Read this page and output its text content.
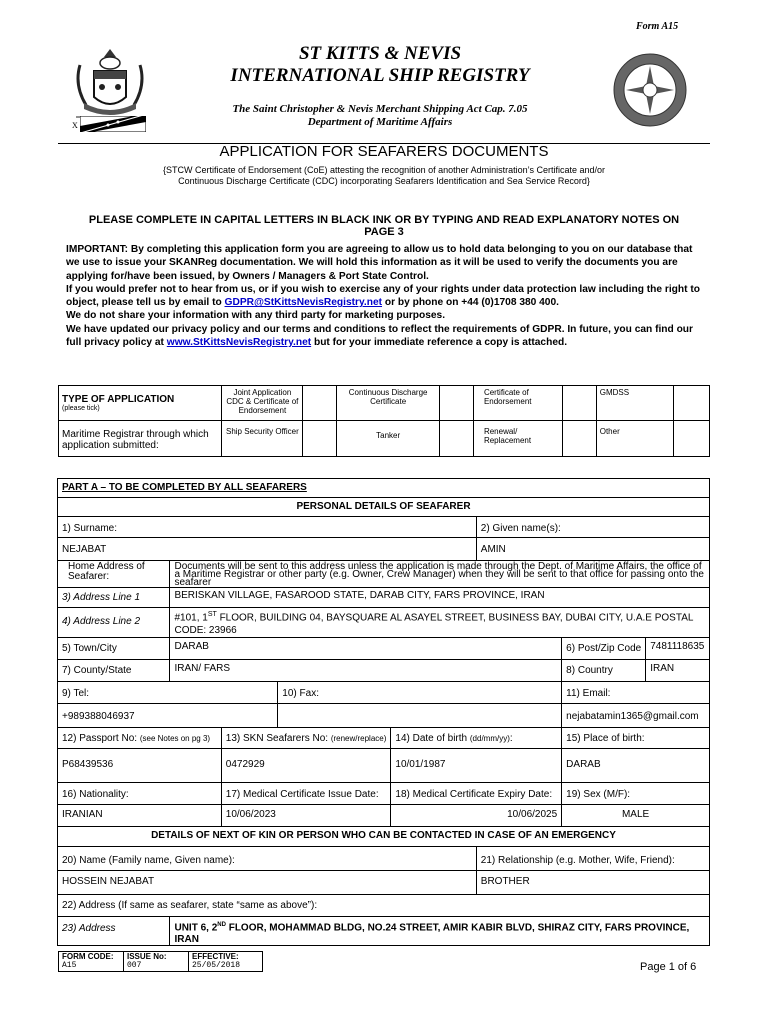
Form A15
X
ST KITTS & NEVIS
INTERNATIONAL SHIP REGISTRY
The Saint Christopher & Nevis Merchant Shipping Act Cap. 7.05
Department of Maritime Affairs
APPLICATION FOR SEAFARERS DOCUMENTS
{STCW Certificate of Endorsement (CoE) attesting the recognition of another Administration’s Certificate and/or
Continuous Discharge Certificate (CDC) incorporating Seafarers Identification and Sea Service Record}
PLEASE COMPLETE IN CAPITAL LETTERS IN BLACK INK OR BY TYPING AND READ EXPLANATORY NOTES ON
PAGE 3
IMPORTANT: By completing this application form you are agreeing to allow us to hold data belonging to you on our database that we use to issue your SKANReg documentation. We will hold this information as it will be used to verify the documents you are applying for/have been issued, by Owners / Managers & Port State Control.
If you would prefer not to hear from us, or if you wish to exercise any of your rights under data protection law including the right to object, please tell us by email to GDPR@StKittsNevisRegistry.net or by phone on +44 (0)1708 380 400.
We do not share your information with any third party for marketing purposes.
We have updated our privacy policy and our terms and conditions to reflect the requirements of GDPR. In future, you can find our full privacy policy at www.StKittsNevisRegistry.net but for your immediate reference a copy is attached.
TYPE OF APPLICATION
(please tick)	Joint Application CDC & Certificate of Endorsement		Continuous Discharge Certificate		Certificate of Endorsement		GMDSS	
Maritime Registrar through which application submitted:	Ship Security Officer		Tanker		Renewal/ Replacement		Other	
PART A – TO BE COMPLETED BY ALL SEAFARERS							
PERSONAL DETAILS OF SEAFARER							
1) Surname:					2) Given name(s):		
NEJABAT					AMIN		
Home Address of Seafarer:	Documents will be sent to this address unless the application is made through the Dept. of Maritime Affairs, the office of a Maritime Registrar or other party (e.g. Owner, Crew Manager) when they will be sent to that office for passing onto the seafarer						
3) Address Line 1	BERISKAN VILLAGE, FASAROOD STATE, DARAB CITY, FARS PROVINCE, IRAN						
4) Address Line 2	#101, 1ST FLOOR, BUILDING 04, BAYSQUARE AL ASAYEL STREET, BUSINESS BAY, DUBAI CITY, U.A.E POSTAL CODE: 23966						
5) Town/City	DARAB					6) Post/Zip Code	7481118635
7) County/State	IRAN/ FARS					8) Country	IRAN
9) Tel:			10) Fax:			11) Email:	
+989388046937						nejabatamin1365@gmail.com	
12) Passport No: (see Notes on pg 3)		13) SKN Seafarers No: (renew/replace)		14) Date of birth (dd/mm/yy):		15) Place of birth:	
P68439536		0472929		10/01/1987		DARAB	
16) Nationality:		17) Medical Certificate Issue Date:		18) Medical Certificate Expiry Date:		19) Sex (M/F):	
IRANIAN		10/06/2023		10/06/2025		MALE	
DETAILS OF NEXT OF KIN OR PERSON WHO CAN BE CONTACTED IN CASE OF AN EMERGENCY							
20) Name (Family name, Given name):					21) Relationship (e.g. Mother, Wife, Friend):		
HOSSEIN NEJABAT					BROTHER		
22) Address (If same as seafarer, state “same as above”):							
23) Address	UNIT 6, 2ND FLOOR, MOHAMMAD BLDG, NO.24 STREET, AMIR KABIR BLVD, SHIRAZ CITY, FARS PROVINCE, IRAN						
FORM CODE:
A15

ISSUE No:
007

EFFECTIVE:
25/05/2018	Page 1 of 6
